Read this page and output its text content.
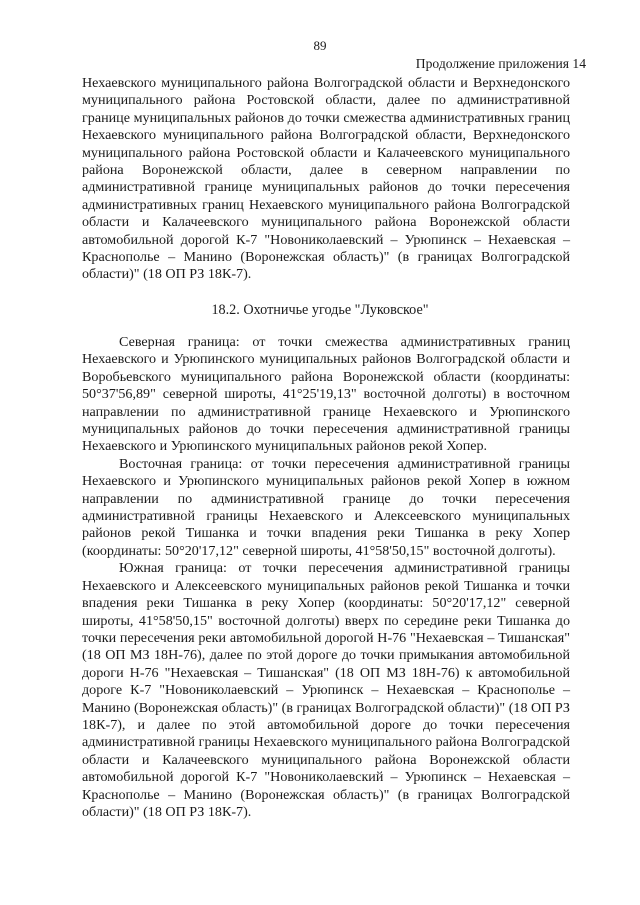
89
Продолжение приложения 14

Нехаевского муниципального района Волгоградской области и Верхнедонского муниципального района Ростовской области, далее по административной границе муниципальных районов до точки смежества административных границ Нехаевского муниципального района Волгоградской области, Верхнедонского муниципального района Ростовской области и Калачеевского муниципального района Воронежской области, далее в северном направлении по административной границе муниципальных районов до точки пересечения административных границ Нехаевского муниципального района Волгоградской области и Калачеевского муниципального района Воронежской области автомобильной дорогой К-7 "Новониколаевский – Урюпинск – Нехаевская – Краснополье – Манино (Воронежская область)" (в границах Волгоградской области)" (18 ОП РЗ 18К-7).

18.2. Охотничье угодье "Луковское"

Северная граница: от точки смежества административных границ Нехаевского и Урюпинского муниципальных районов Волгоградской области и Воробьевского муниципального района Воронежской области (координаты: 50°37'56,89" северной широты, 41°25'19,13" восточной долготы) в восточном направлении по административной границе Нехаевского и Урюпинского муниципальных районов до точки пересечения административной границы Нехаевского и Урюпинского муниципальных районов рекой Хопер.

Восточная граница: от точки пересечения административной границы Нехаевского и Урюпинского муниципальных районов рекой Хопер в южном направлении по административной границе до точки пересечения административной границы Нехаевского и Алексеевского муниципальных районов рекой Тишанка и точки впадения реки Тишанка в реку Хопер (координаты: 50°20'17,12" северной широты, 41°58'50,15" восточной долготы).

Южная граница: от точки пересечения административной границы Нехаевского и Алексеевского муниципальных районов рекой Тишанка и точки впадения реки Тишанка в реку Хопер (координаты: 50°20'17,12" северной широты, 41°58'50,15" восточной долготы) вверх по середине реки Тишанка до точки пересечения реки автомобильной дорогой Н-76 "Нехаевская – Тишанская" (18 ОП МЗ 18Н-76), далее по этой дороге до точки примыкания автомобильной дороги Н-76 "Нехаевская – Тишанская" (18 ОП МЗ 18Н-76) к автомобильной дороге К-7 "Новониколаевский – Урюпинск – Нехаевская – Краснополье – Манино (Воронежская область)" (в границах Волгоградской области)" (18 ОП РЗ 18К-7), и далее по этой автомобильной дороге до точки пересечения административной границы Нехаевского муниципального района Волгоградской области и Калачеевского муниципального района Воронежской области автомобильной дорогой К-7 "Новониколаевский – Урюпинск – Нехаевская – Краснополье – Манино (Воронежская область)" (в границах Волгоградской области)" (18 ОП РЗ 18К-7).
